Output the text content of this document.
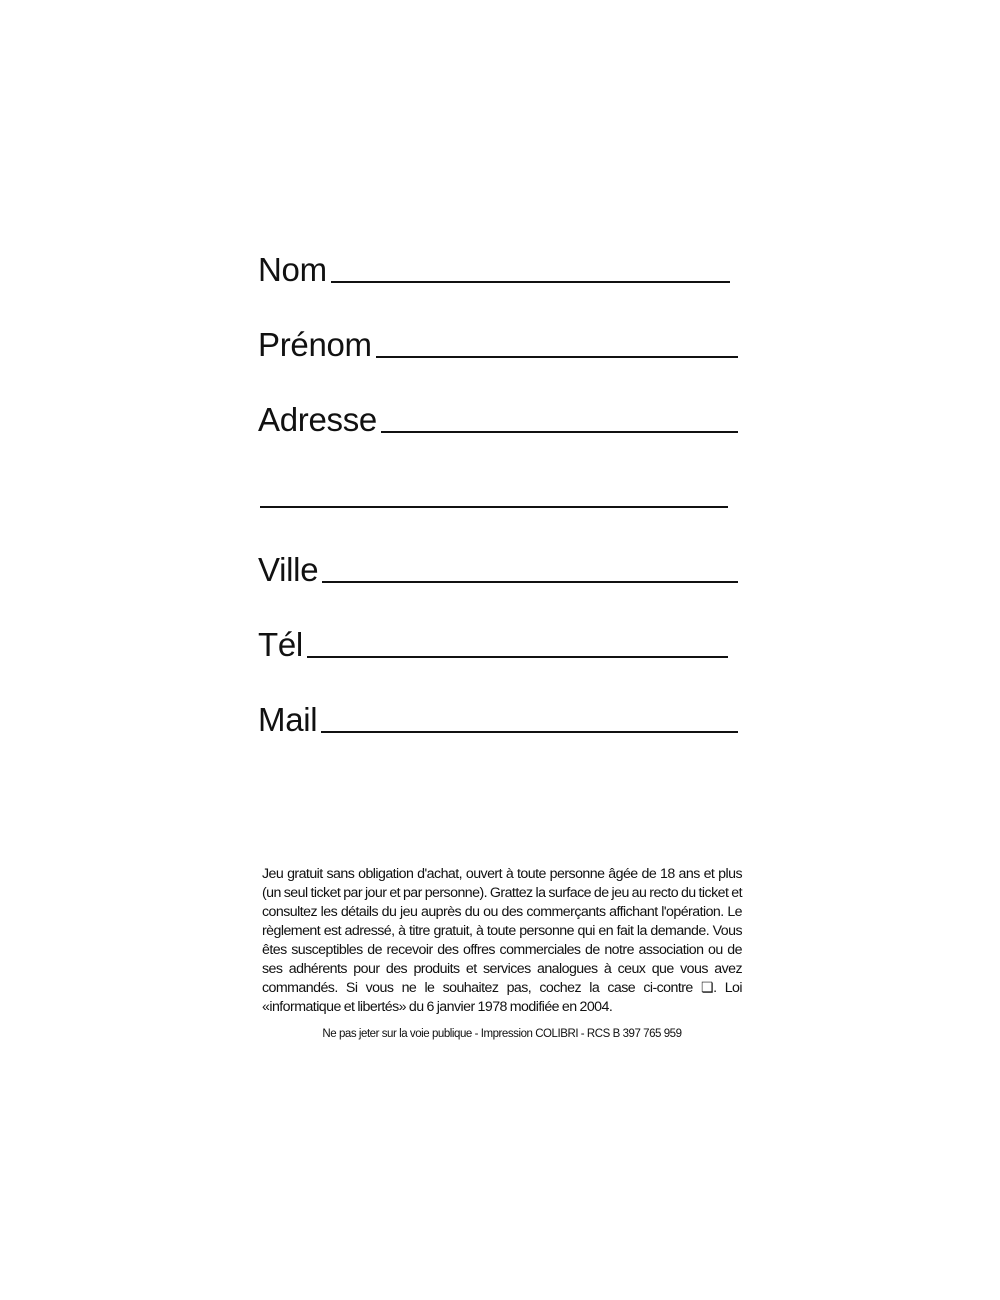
Nom
Prénom
Adresse
Ville
Tél
Mail

Jeu gratuit sans obligation d'achat, ouvert à toute personne âgée de 18 ans et plus (un seul ticket par jour et par personne). Grattez la surface de jeu au recto du ticket et consultez les détails du jeu auprès du ou des commerçants affichant l'opération. Le règlement est adressé, à titre gratuit, à toute personne qui en fait la demande. Vous êtes susceptibles de recevoir des offres commerciales de notre association ou de ses adhérents pour des produits et services analogues à ceux que vous avez commandés. Si vous ne le souhaitez pas, cochez la case ci-contre ❏. Loi «informatique et libertés» du 6 janvier 1978 modifiée en 2004.

Ne pas jeter sur la voie publique - Impression COLIBRI - RCS B 397 765 959
